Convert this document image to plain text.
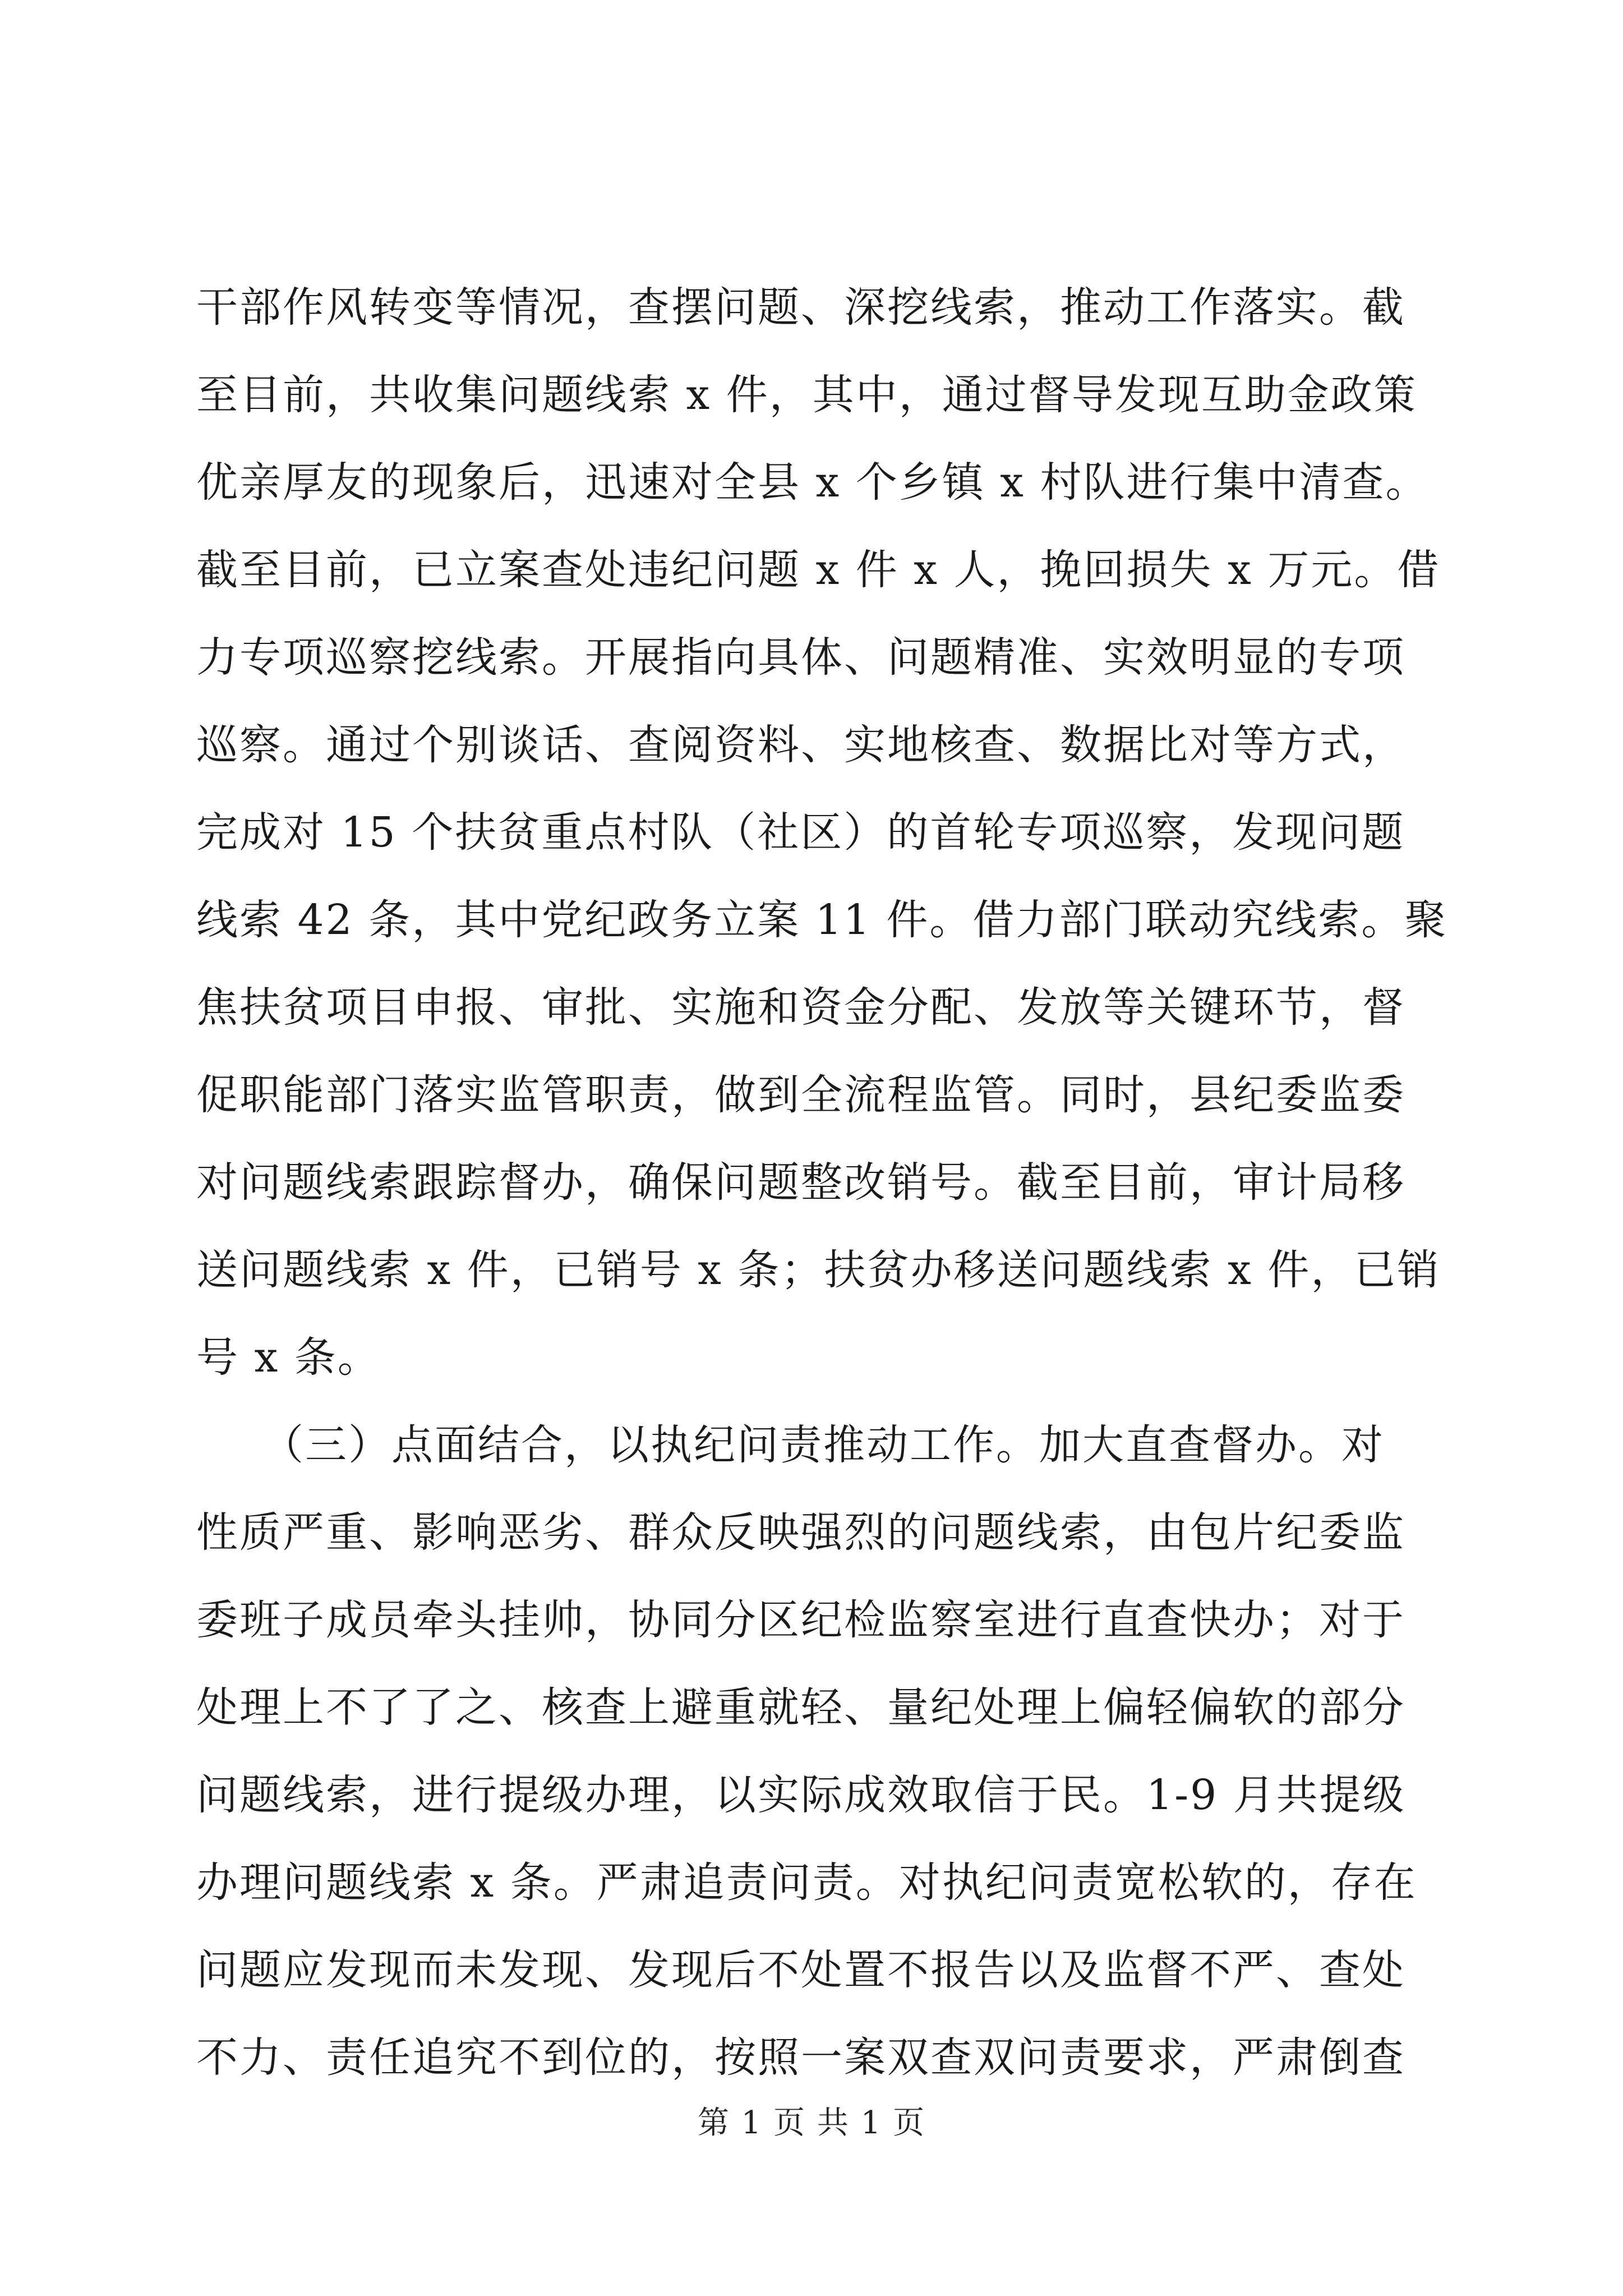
干部作风转变等情况，查摆问题、深挖线索，推动工作落实。截
至目前，共收集问题线索 x 件，其中，通过督导发现互助金政策
优亲厚友的现象后，迅速对全县 x 个乡镇 x 村队进行集中清查。
截至目前，已立案查处违纪问题 x 件 x 人，挽回损失 x 万元。借
力专项巡察挖线索。开展指向具体、问题精准、实效明显的专项
巡察。通过个别谈话、查阅资料、实地核查、数据比对等方式，
完成对 15 个扶贫重点村队（社区）的首轮专项巡察，发现问题
线索 42 条，其中党纪政务立案 11 件。借力部门联动究线索。聚
焦扶贫项目申报、审批、实施和资金分配、发放等关键环节，督
促职能部门落实监管职责，做到全流程监管。同时，县纪委监委
对问题线索跟踪督办，确保问题整改销号。截至目前，审计局移
送问题线索 x 件，已销号 x 条；扶贫办移送问题线索 x 件，已销
号 x 条。
　　（三）点面结合，以执纪问责推动工作。加大直查督办。对
性质严重、影响恶劣、群众反映强烈的问题线索，由包片纪委监
委班子成员牵头挂帅，协同分区纪检监察室进行直查快办；对于
处理上不了了之、核查上避重就轻、量纪处理上偏轻偏软的部分
问题线索，进行提级办理，以实际成效取信于民。1-9 月共提级
办理问题线索 x 条。严肃追责问责。对执纪问责宽松软的，存在
问题应发现而未发现、发现后不处置不报告以及监督不严、查处
不力、责任追究不到位的，按照一案双查双问责要求，严肃倒查
第 1 页 共 1 页
